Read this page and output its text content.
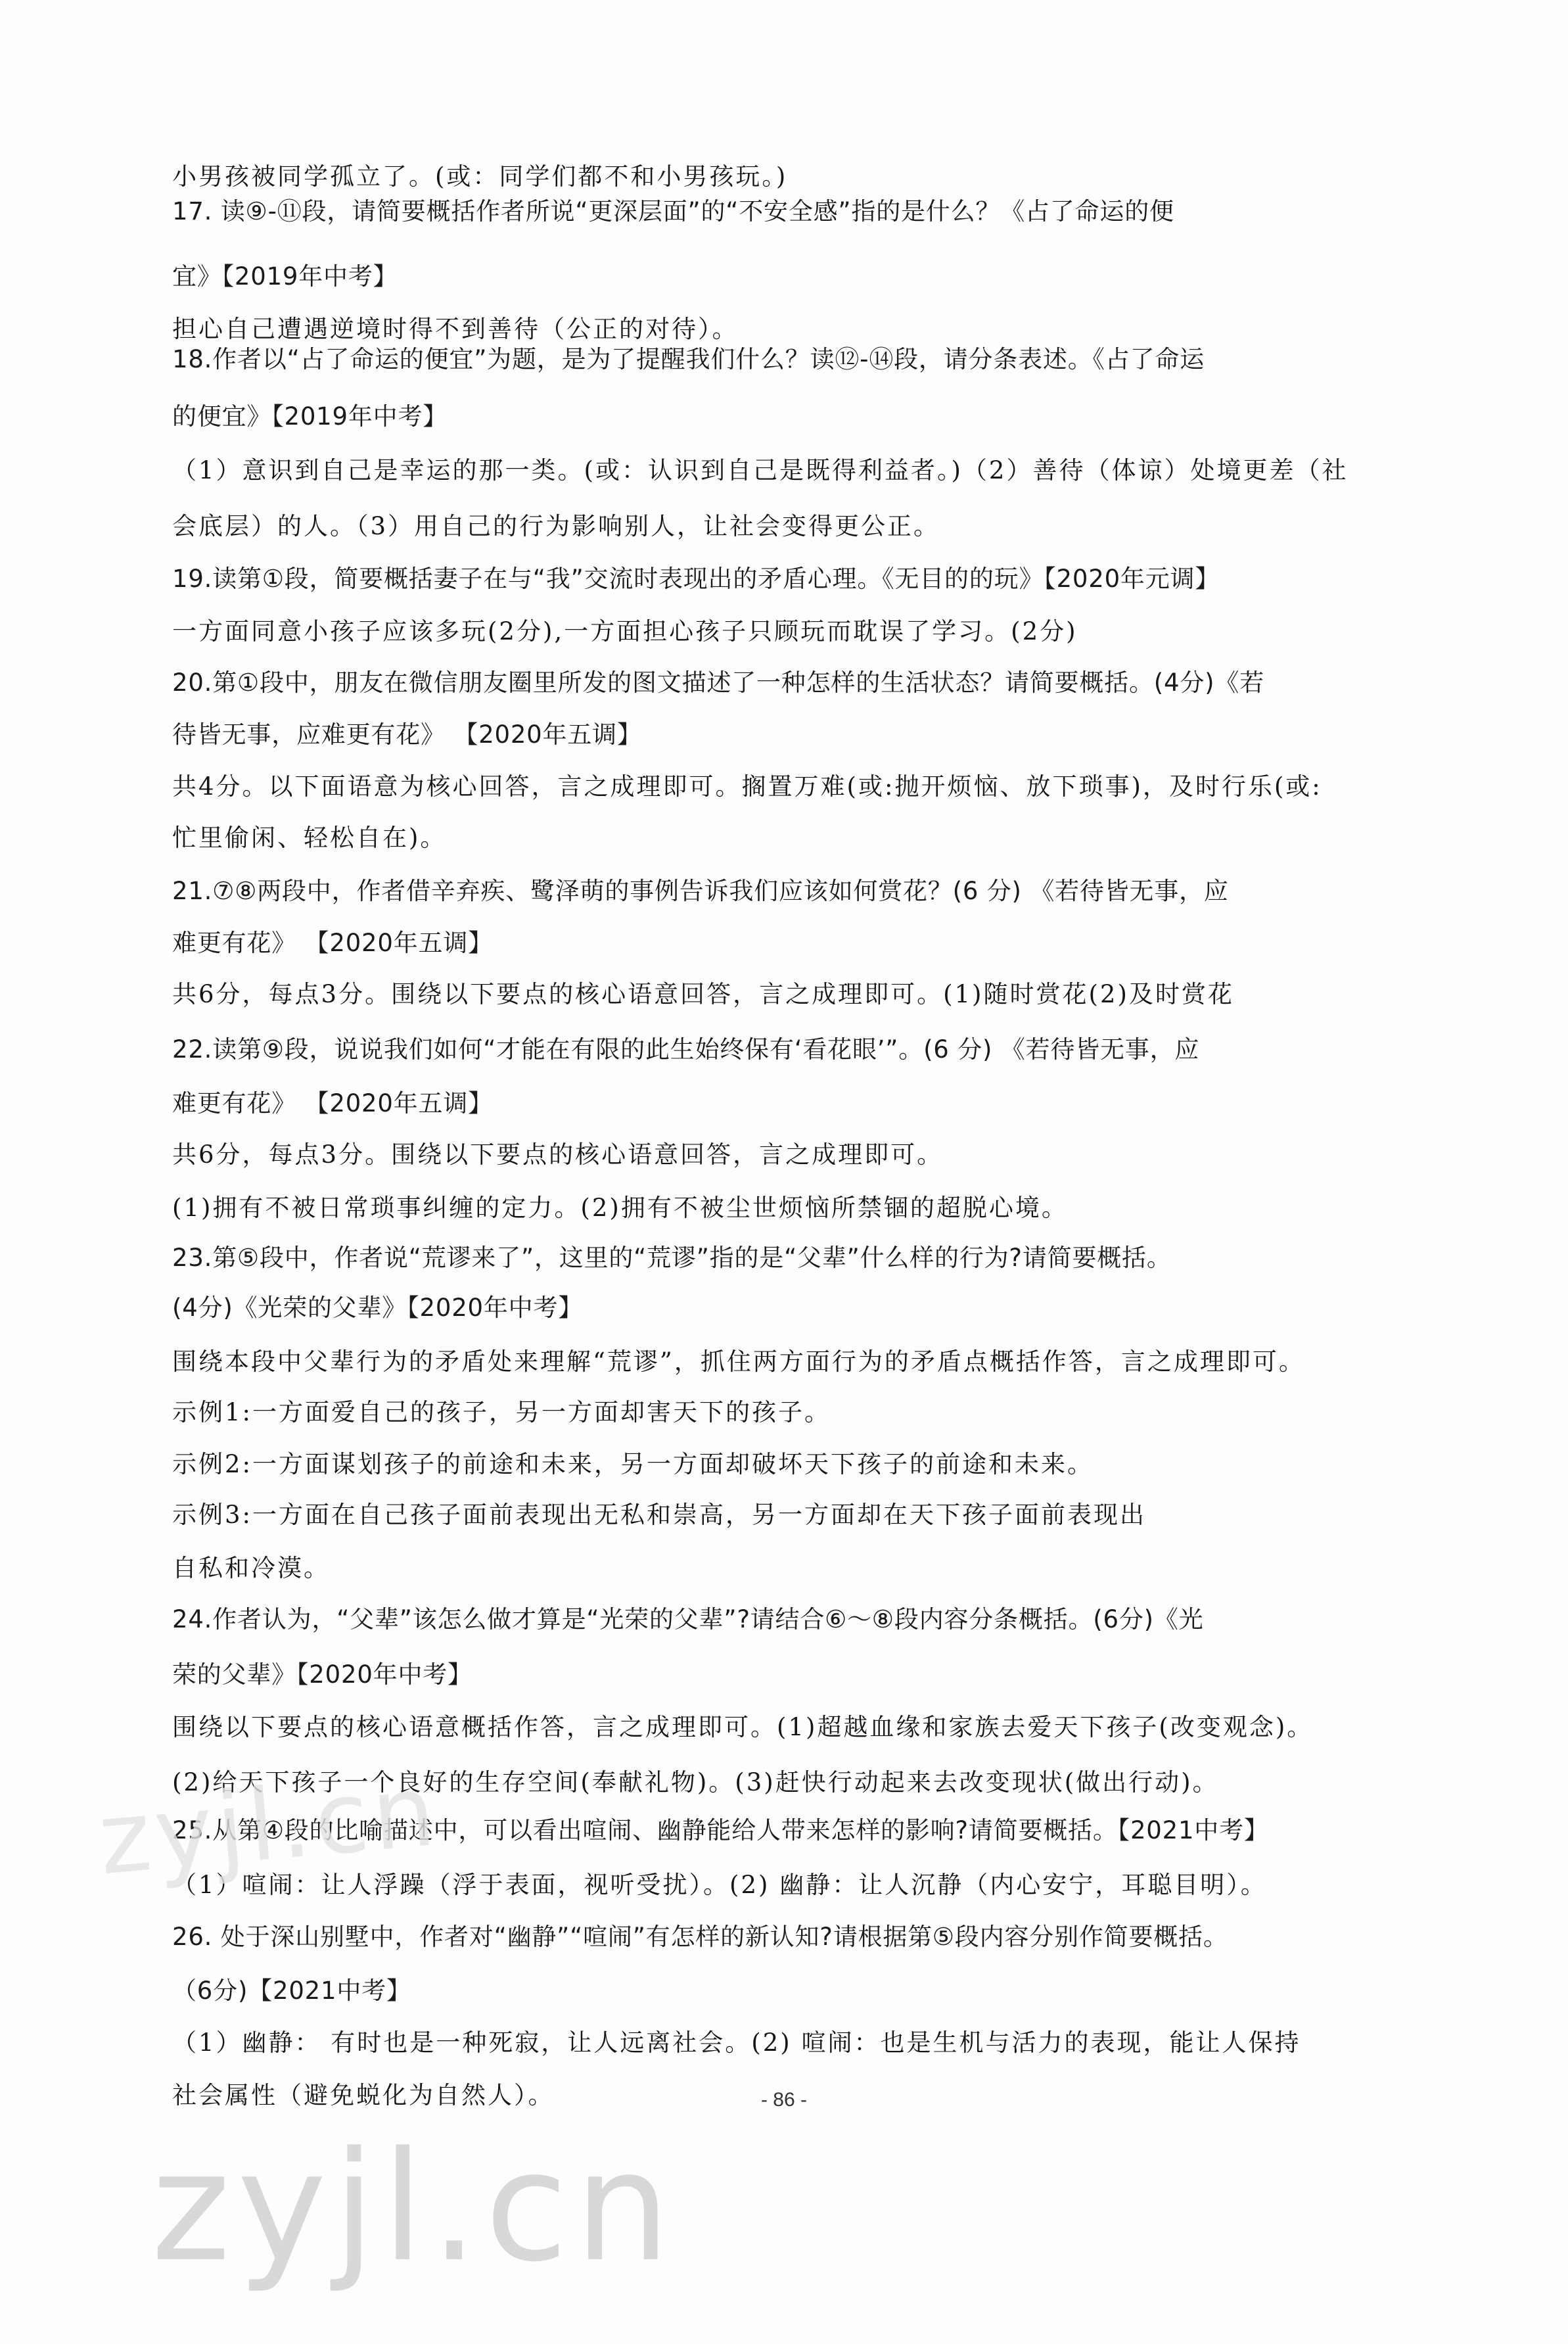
小男孩被同学孤立了。(或：同学们都不和小男孩玩。)
17. 读⑨-⑪段，请简要概括作者所说“更深层面”的“不安全感”指的是什么？《占了命运的便
宜》【2019年中考】
担心自己遭遇逆境时得不到善待（公正的对待）。
18.作者以“占了命运的便宜”为题，是为了提醒我们什么？读⑫-⑭段，请分条表述。《占了命运
的便宜》【2019年中考】
（1）意识到自己是幸运的那一类。(或：认识到自己是既得利益者。)（2）善待（体谅）处境更差（社
会底层）的人。（3）用自己的行为影响别人，让社会变得更公正。
19.读第①段，简要概括妻子在与“我”交流时表现出的矛盾心理。《无目的的玩》【2020年元调】
一方面同意小孩子应该多玩(2分),一方面担心孩子只顾玩而耽误了学习。(2分)
20.第①段中，朋友在微信朋友圈里所发的图文描述了一种怎样的生活状态？请简要概括。(4分)《若
待皆无事，应难更有花》 【2020年五调】
共4分。以下面语意为核心回答，言之成理即可。搁置万难(或:抛开烦恼、放下琐事)，及时行乐(或:
忙里偷闲、轻松自在)。
21.⑦⑧两段中，作者借辛弃疾、鹭泽萌的事例告诉我们应该如何赏花？(6 分) 《若待皆无事，应
难更有花》 【2020年五调】
共6分，每点3分。围绕以下要点的核心语意回答，言之成理即可。(1)随时赏花(2)及时赏花
22.读第⑨段，说说我们如何“才能在有限的此生始终保有‘看花眼’”。(6 分) 《若待皆无事，应
难更有花》 【2020年五调】
共6分，每点3分。围绕以下要点的核心语意回答，言之成理即可。
(1)拥有不被日常琐事纠缠的定力。(2)拥有不被尘世烦恼所禁锢的超脱心境。
23.第⑤段中，作者说“荒谬来了”，这里的“荒谬”指的是“父辈”什么样的行为?请简要概括。
(4分)《光荣的父辈》【2020年中考】
围绕本段中父辈行为的矛盾处来理解“荒谬”，抓住两方面行为的矛盾点概括作答，言之成理即可。
示例1:一方面爱自己的孩子，另一方面却害天下的孩子。
示例2:一方面谋划孩子的前途和未来，另一方面却破坏天下孩子的前途和未来。
示例3:一方面在自己孩子面前表现出无私和崇高，另一方面却在天下孩子面前表现出
自私和冷漠。
24.作者认为，“父辈”该怎么做才算是“光荣的父辈”?请结合⑥～⑧段内容分条概括。(6分)《光
荣的父辈》【2020年中考】
围绕以下要点的核心语意概括作答，言之成理即可。(1)超越血缘和家族去爱天下孩子(改变观念)。
(2)给天下孩子一个良好的生存空间(奉献礼物)。(3)赶快行动起来去改变现状(做出行动)。
25.从第④段的比喻描述中，可以看出喧闹、幽静能给人带来怎样的影响?请简要概括。【2021中考】
（1）喧闹：让人浮躁（浮于表面，视听受扰）。(2) 幽静：让人沉静（内心安宁，耳聪目明）。
26. 处于深山别墅中，作者对“幽静”“喧闹”有怎样的新认知?请根据第⑤段内容分别作简要概括。
（6分)【2021中考】
（1）幽静： 有时也是一种死寂，让人远离社会。(2) 喧闹：也是生机与活力的表现，能让人保持
社会属性（避免蜕化为自然人）。	- 86 -
zyjl.cn
zyjl.cn
